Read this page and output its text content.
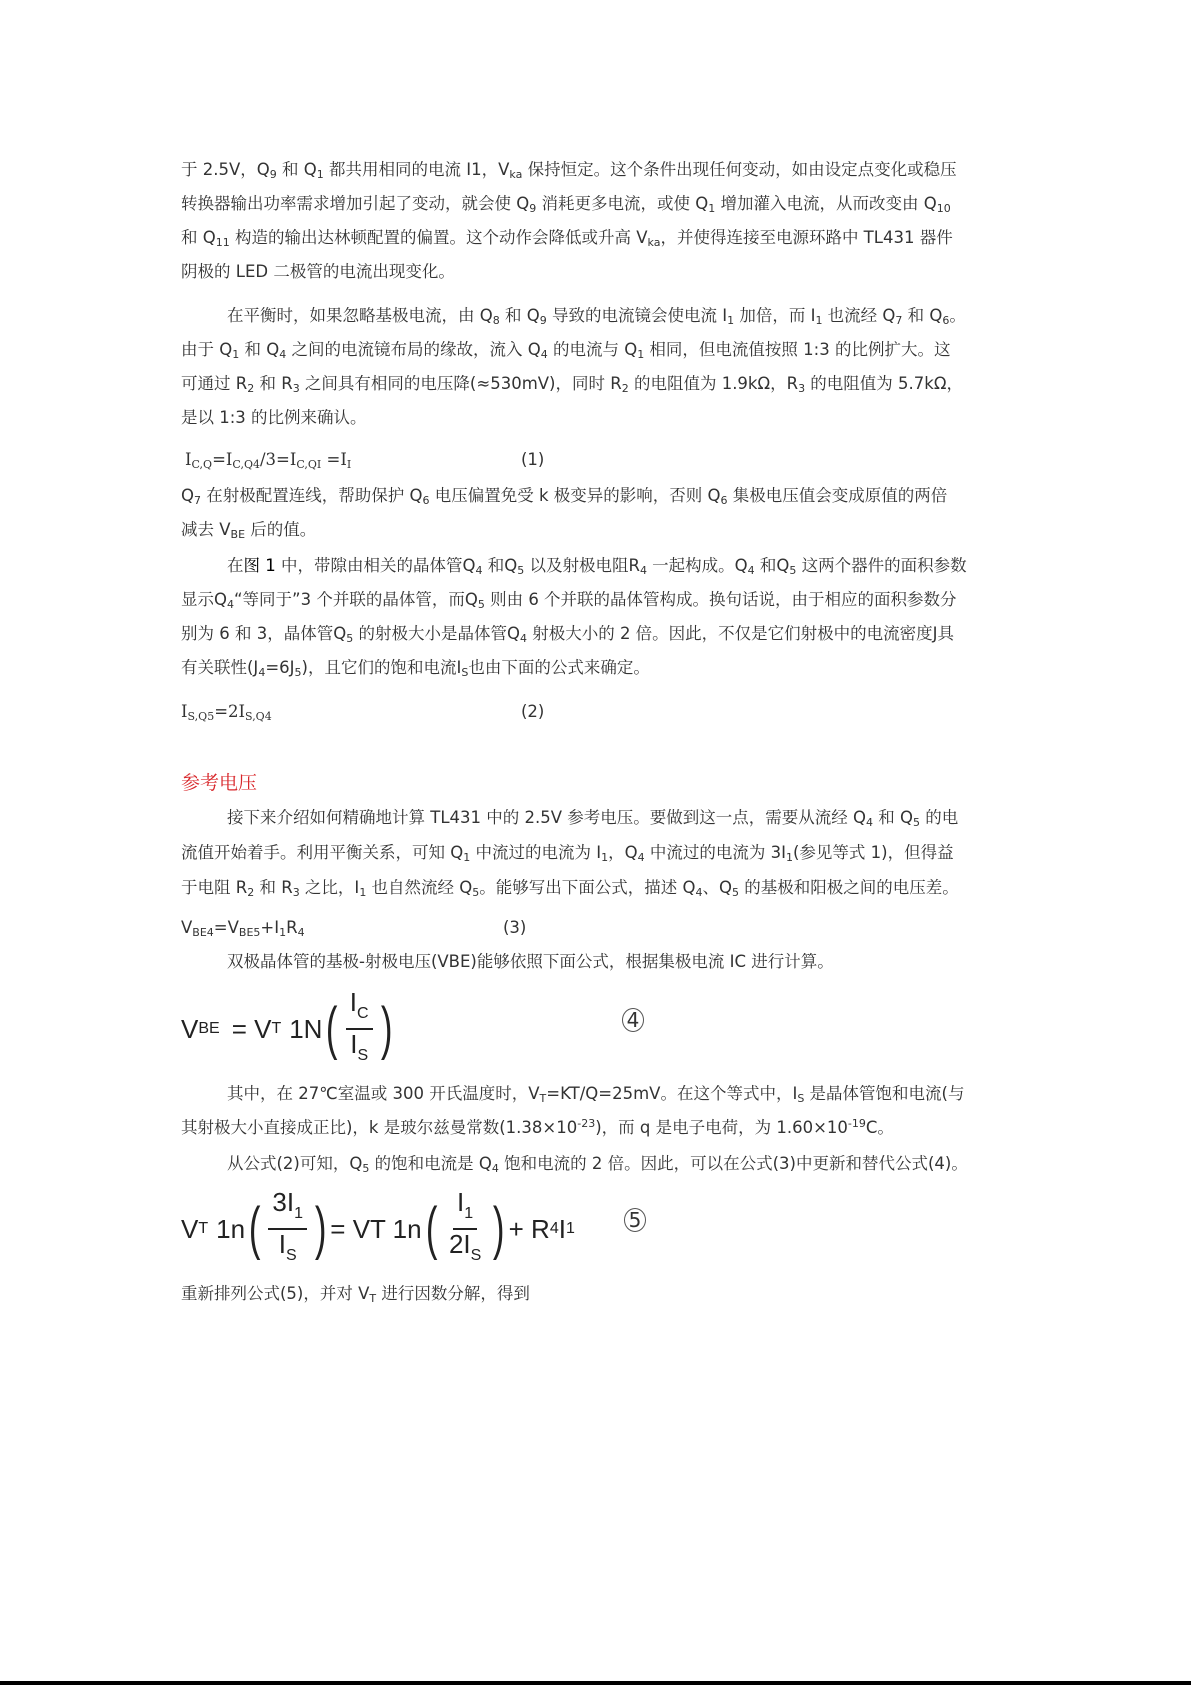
于 2.5V，$Q_9$ 和 $Q_1$ 都共用相同的电流 I1，$V_{ka}$ 保持恒定。这个条件出现任何变动，如由设定点变化或稳压
转换器输出功率需求增加引起了变动，就会使 $Q_9$ 消耗更多电流，或使 $Q_1$ 增加灌入电流，从而改变由 $Q_{10}$
和 $Q_{11}$ 构造的输出达林顿配置的偏置。这个动作会降低或升高 $V_{ka}$，并使得连接至电源环路中 TL431 器件
阴极的 LED 二极管的电流出现变化。
在平衡时，如果忽略基极电流，由 $Q_8$ 和 $Q_9$ 导致的电流镜会使电流 $I_1$ 加倍，而 $I_1$ 也流经 $Q_7$ 和 $Q_6$。
由于 $Q_1$ 和 $Q_4$ 之间的电流镜布局的缘故，流入 $Q_4$ 的电流与 $Q_1$ 相同，但电流值按照 1:3 的比例扩大。这
可通过 $R_2$ 和 $R_3$ 之间具有相同的电压降(≈530mV)，同时 $R_2$ 的电阻值为 1.9kΩ，$R_3$ 的电阻值为 5.7kΩ，
是以 1:3 的比例来确认。
$I_{C,Q}=I_{C,Q4}/3=I_{C,QI} =I_I$	(1)
$Q_7$ 在射极配置连线，帮助保护 $Q_6$ 电压偏置免受 k 极变异的影响，否则 $Q_6$ 集极电压值会变成原值的两倍
减去 $V_{BE}$ 后的值。
在图 1 中，带隙由相关的晶体管$Q_4$ 和$Q_5$ 以及射极电阻$R_4$ 一起构成。$Q_4$ 和$Q_5$ 这两个器件的面积参数
显示$Q_4“$等同于”3 个并联的晶体管，而$Q_5$ 则由 6 个并联的晶体管构成。换句话说，由于相应的面积参数分
别为 6 和 3，晶体管$Q_5$ 的射极大小是晶体管$Q_4$ 射极大小的 2 倍。因此，不仅是它们射极中的电流密度J具
有关联性$(J_4=6J_5)$，且它们的饱和电流$I_S$也由下面的公式来确定。
$I_{S,Q5}=2I_{S,Q4}$	(2)
参考电压
接下来介绍如何精确地计算 TL431 中的 2.5V 参考电压。要做到这一点，需要从流经 $Q_4$ 和 $Q_5$ 的电
流值开始着手。利用平衡关系，可知 $Q_1$ 中流过的电流为 $I_1$，$Q_4$ 中流过的电流为 $3I_1$(参见等式 1)，但得益
于电阻 $R_2$ 和 $R_3$ 之比，$I_1$ 也自然流经 $Q_5$。能够写出下面公式，描述 $Q_4$、$Q_5$ 的基极和阳极之间的电压差。
$V_{BE4}=V_{BE5}+I_1R_4$	(3)
双极晶体管的基极-射极电压(VBE)能够依照下面公式，根据集极电流 IC 进行计算。
V BE = V T 1N ( $\frac{I_C}{I_S}$ )	4
其中，在 27℃室温或 300 开氏温度时，$V_T=KT/Q=25mV$。在这个等式中，$I_S$ 是晶体管饱和电流(与
其射极大小直接成正比)，k 是玻尔兹曼常数$(1.38\times 10^{-23})$，而 q 是电子电荷，为 $1.60\times 10^{-19}C$。
从公式(2)可知，$Q_5$ 的饱和电流是 $Q_4$ 饱和电流的 2 倍。因此，可以在公式(3)中更新和替代公式(4)。
V T 1n ( $\frac{3I_1}{I_S}$ ) = VT 1n ( $\frac{I_1}{2I_S}$ ) + R 4 I 1	5
重新排列公式(5)，并对 $V_T$ 进行因数分解，得到
